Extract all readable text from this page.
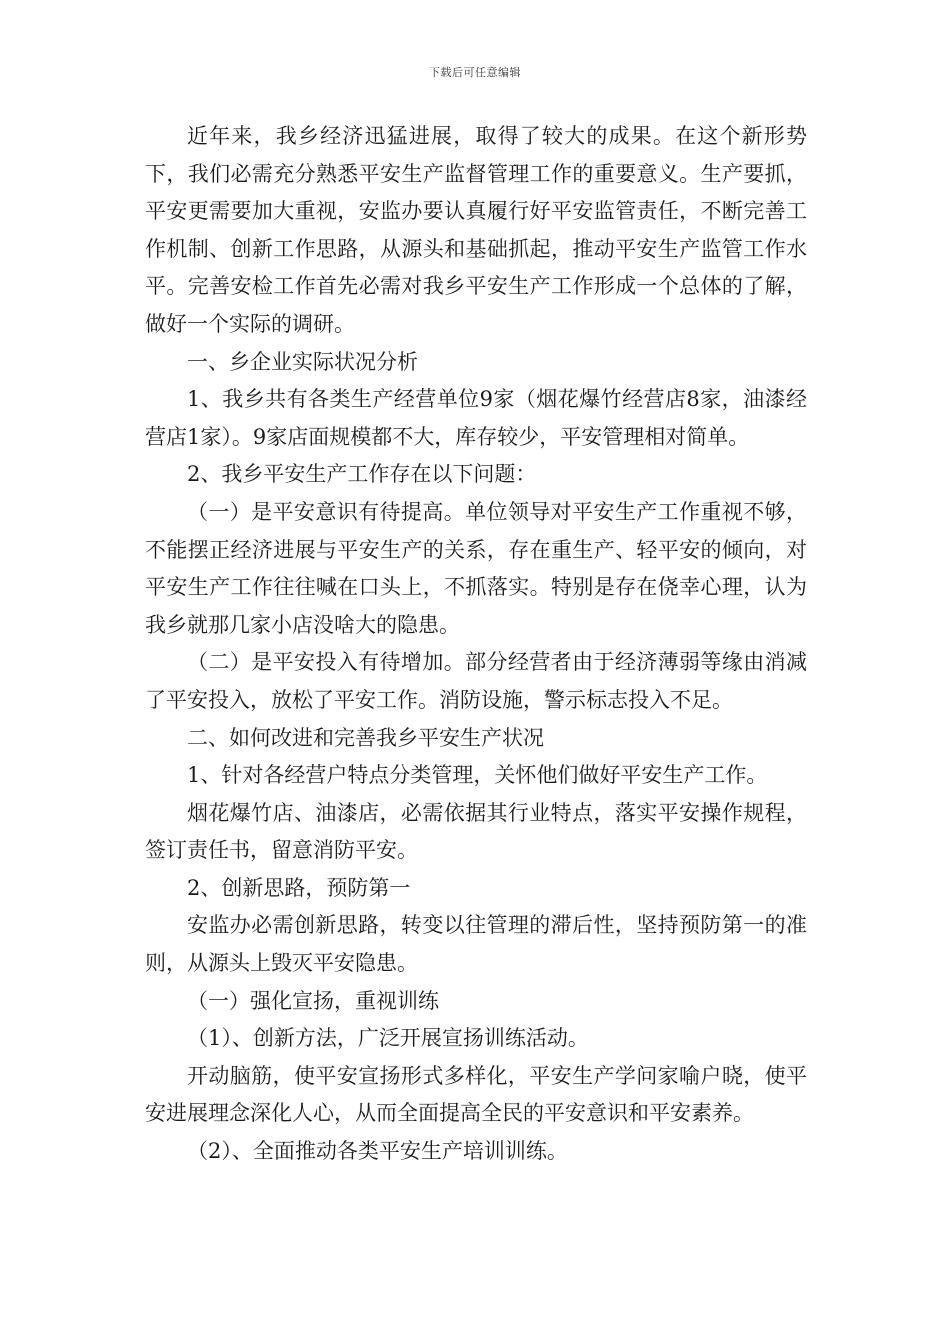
下载后可任意编辑

近年来，我乡经济迅猛进展，取得了较大的成果。在这个新形势下，我们必需充分熟悉平安生产监督管理工作的重要意义。生产要抓，平安更需要加大重视，安监办要认真履行好平安监管责任，不断完善工作机制、创新工作思路，从源头和基础抓起，推动平安生产监管工作水平。完善安检工作首先必需对我乡平安生产工作形成一个总体的了解，做好一个实际的调研。

一、乡企业实际状况分析

1、我乡共有各类生产经营单位9家（烟花爆竹经营店8家，油漆经营店1家）。9家店面规模都不大，库存较少，平安管理相对简单。

2、我乡平安生产工作存在以下问题：

（一）是平安意识有待提高。单位领导对平安生产工作重视不够，不能摆正经济进展与平安生产的关系，存在重生产、轻平安的倾向，对平安生产工作往往喊在口头上，不抓落实。特别是存在侥幸心理，认为我乡就那几家小店没啥大的隐患。

（二）是平安投入有待增加。部分经营者由于经济薄弱等缘由消减了平安投入，放松了平安工作。消防设施，警示标志投入不足。

二、如何改进和完善我乡平安生产状况

1、针对各经营户特点分类管理，关怀他们做好平安生产工作。

烟花爆竹店、油漆店，必需依据其行业特点，落实平安操作规程，签订责任书，留意消防平安。

2、创新思路，预防第一

安监办必需创新思路，转变以往管理的滞后性，坚持预防第一的准则，从源头上毁灭平安隐患。

（一）强化宣扬，重视训练

（1）、创新方法，广泛开展宣扬训练活动。

开动脑筋，使平安宣扬形式多样化，平安生产学问家喻户晓，使平安进展理念深化人心，从而全面提高全民的平安意识和平安素养。

（2）、全面推动各类平安生产培训训练。
